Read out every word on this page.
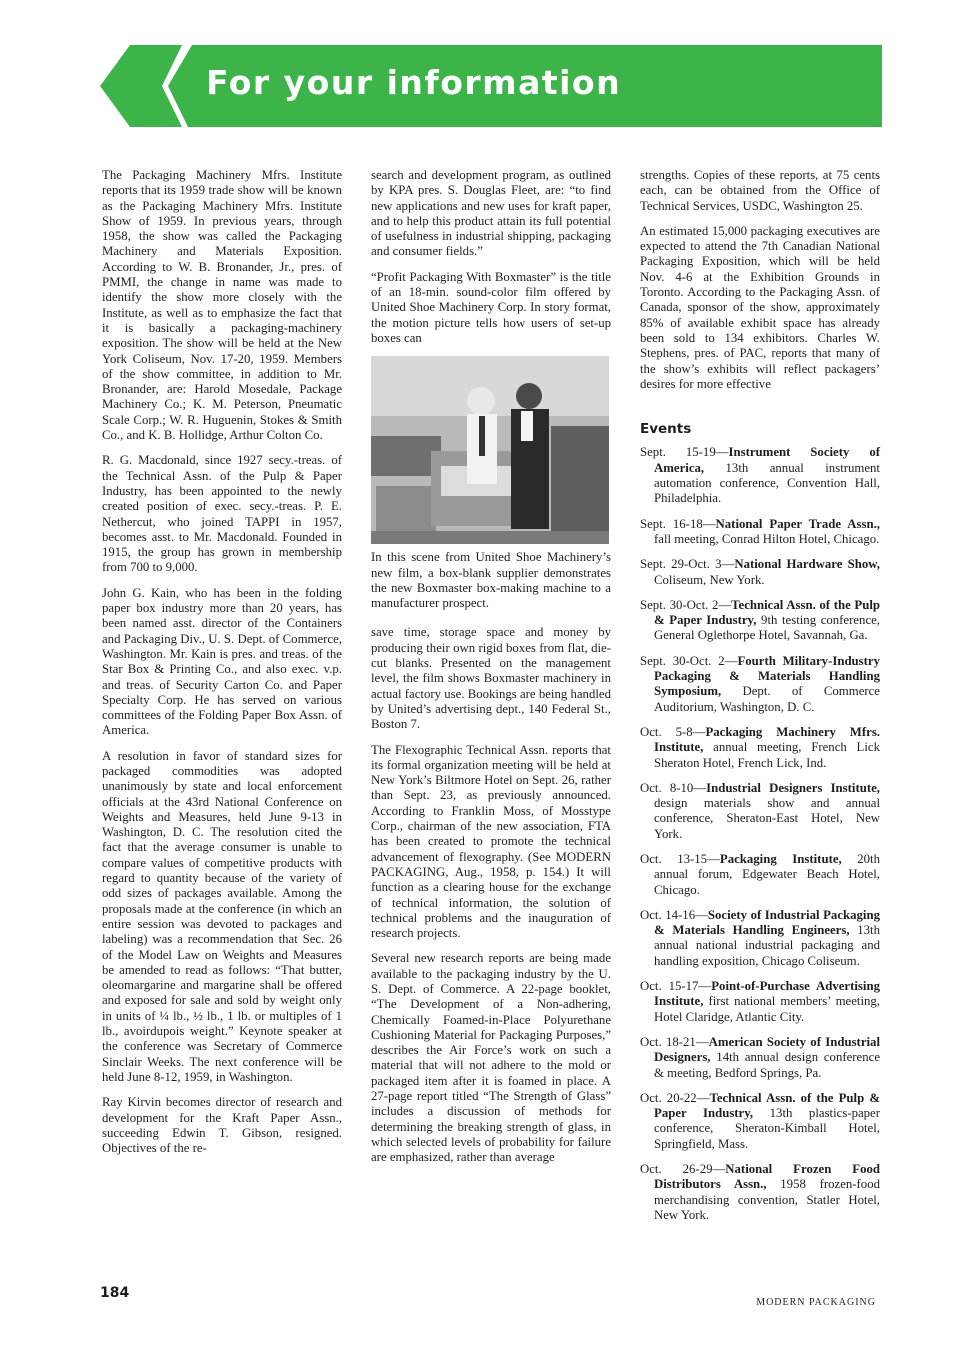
For your information

The Packaging Machinery Mfrs. Institute reports that its 1959 trade show will be known as the Packaging Machinery Mfrs. Institute Show of 1959. In previous years, through 1958, the show was called the Packaging Machinery and Materials Exposition. According to W. B. Bronander, Jr., pres. of PMMI, the change in name was made to identify the show more closely with the Institute, as well as to emphasize the fact that it is basically a packaging-machinery exposition. The show will be held at the New York Coliseum, Nov. 17-20, 1959. Members of the show committee, in addition to Mr. Bronander, are: Harold Mosedale, Package Machinery Co.; K. M. Peterson, Pneumatic Scale Corp.; W. R. Huguenin, Stokes & Smith Co., and K. B. Hollidge, Arthur Colton Co.

R. G. Macdonald, since 1927 secy.-treas. of the Technical Assn. of the Pulp & Paper Industry, has been appointed to the newly created position of exec. secy.-treas. P. E. Nethercut, who joined TAPPI in 1957, becomes asst. to Mr. Macdonald. Founded in 1915, the group has grown in membership from 700 to 9,000.

John G. Kain, who has been in the folding paper box industry more than 20 years, has been named asst. director of the Containers and Packaging Div., U. S. Dept. of Commerce, Washington. Mr. Kain is pres. and treas. of the Star Box & Printing Co., and also exec. v.p. and treas. of Security Carton Co. and Paper Specialty Corp. He has served on various committees of the Folding Paper Box Assn. of America.

A resolution in favor of standard sizes for packaged commodities was adopted unanimously by state and local enforcement officials at the 43rd National Conference on Weights and Measures, held June 9-13 in Washington, D. C. The resolution cited the fact that the average consumer is unable to compare values of competitive products with regard to quantity because of the variety of odd sizes of packages available. Among the proposals made at the conference (in which an entire session was devoted to packages and labeling) was a recommendation that Sec. 26 of the Model Law on Weights and Measures be amended to read as follows: “That butter, oleomargarine and margarine shall be offered and exposed for sale and sold by weight only in units of ¼ lb., ½ lb., 1 lb. or multiples of 1 lb., avoirdupois weight.” Keynote speaker at the conference was Secretary of Commerce Sinclair Weeks. The next conference will be held June 8-12, 1959, in Washington.

Ray Kirvin becomes director of research and development for the Kraft Paper Assn., succeeding Edwin T. Gibson, resigned. Objectives of the re-

search and development program, as outlined by KPA pres. S. Douglas Fleet, are: “to find new applications and new uses for kraft paper, and to help this product attain its full potential of usefulness in industrial shipping, packaging and consumer fields.”

“Profit Packaging With Boxmaster” is the title of an 18-min. sound-color film offered by United Shoe Machinery Corp. In story format, the motion picture tells how users of set-up boxes can

In this scene from United Shoe Machinery’s new film, a box-blank supplier demonstrates the new Boxmaster box-making machine to a manufacturer prospect.

save time, storage space and money by producing their own rigid boxes from flat, die-cut blanks. Presented on the management level, the film shows Boxmaster machinery in actual factory use. Bookings are being handled by United’s advertising dept., 140 Federal St., Boston 7.

The Flexographic Technical Assn. reports that its formal organization meeting will be held at New York’s Biltmore Hotel on Sept. 26, rather than Sept. 23, as previously announced. According to Franklin Moss, of Mosstype Corp., chairman of the new association, FTA has been created to promote the technical advancement of flexography. (See MODERN PACKAGING, Aug., 1958, p. 154.) It will function as a clearing house for the exchange of technical information, the solution of technical problems and the inauguration of research projects.

Several new research reports are being made available to the packaging industry by the U. S. Dept. of Commerce. A 22-page booklet, “The Development of a Non-adhering, Chemically Foamed-in-Place Polyurethane Cushioning Material for Packaging Purposes,” describes the Air Force’s work on such a material that will not adhere to the mold or packaged item after it is foamed in place. A 27-page report titled “The Strength of Glass” includes a discussion of methods for determining the breaking strength of glass, in which selected levels of probability for failure are emphasized, rather than average

strengths. Copies of these reports, at 75 cents each, can be obtained from the Office of Technical Services, USDC, Washington 25.

An estimated 15,000 packaging executives are expected to attend the 7th Canadian National Packaging Exposition, which will be held Nov. 4-6 at the Exhibition Grounds in Toronto. According to the Packaging Assn. of Canada, sponsor of the show, approximately 85% of available exhibit space has already been sold to 134 exhibitors. Charles W. Stephens, pres. of PAC, reports that many of the show’s exhibits will reflect packagers’ desires for more effective

Events

Sept. 15-19—Instrument Society of America, 13th annual instrument automation conference, Convention Hall, Philadelphia.

Sept. 16-18—National Paper Trade Assn., fall meeting, Conrad Hilton Hotel, Chicago.

Sept. 29-Oct. 3—National Hardware Show, Coliseum, New York.

Sept. 30-Oct. 2—Technical Assn. of the Pulp & Paper Industry, 9th testing conference, General Oglethorpe Hotel, Savannah, Ga.

Sept. 30-Oct. 2—Fourth Military-Industry Packaging & Materials Handling Symposium, Dept. of Commerce Auditorium, Washington, D. C.

Oct. 5-8—Packaging Machinery Mfrs. Institute, annual meeting, French Lick Sheraton Hotel, French Lick, Ind.

Oct. 8-10—Industrial Designers Institute, design materials show and annual conference, Sheraton-East Hotel, New York.

Oct. 13-15—Packaging Institute, 20th annual forum, Edgewater Beach Hotel, Chicago.

Oct. 14-16—Society of Industrial Packaging & Materials Handling Engineers, 13th annual national industrial packaging and handling exposition, Chicago Coliseum.

Oct. 15-17—Point-of-Purchase Advertising Institute, first national members’ meeting, Hotel Claridge, Atlantic City.

Oct. 18-21—American Society of Industrial Designers, 14th annual design conference & meeting, Bedford Springs, Pa.

Oct. 20-22—Technical Assn. of the Pulp & Paper Industry, 13th plastics-paper conference, Sheraton-Kimball Hotel, Springfield, Mass.

Oct. 26-29—National Frozen Food Distributors Assn., 1958 frozen-food merchandising convention, Statler Hotel, New York.

184
MODERN PACKAGING
